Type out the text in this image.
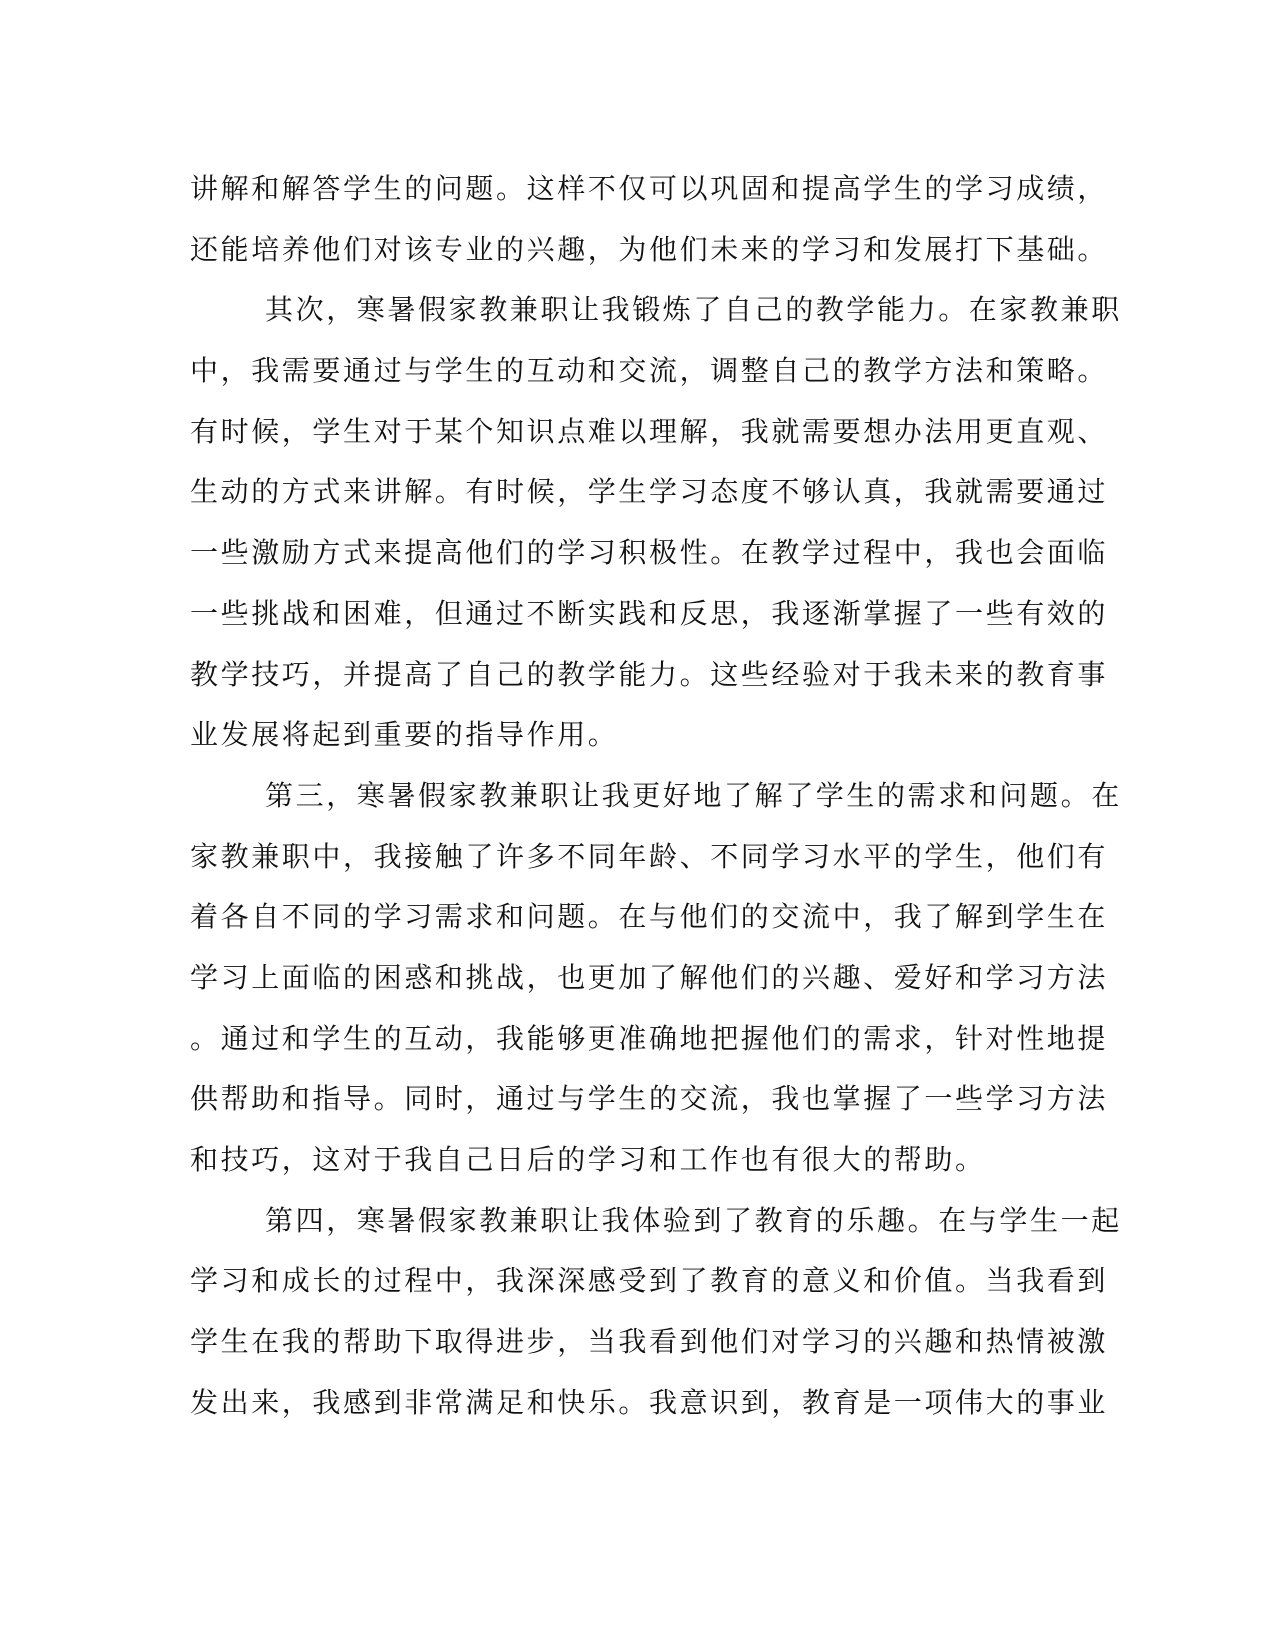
讲解和解答学生的问题。这样不仅可以巩固和提高学生的学习成绩，
还能培养他们对该专业的兴趣，为他们未来的学习和发展打下基础。
其次，寒暑假家教兼职让我锻炼了自己的教学能力。在家教兼职
中，我需要通过与学生的互动和交流，调整自己的教学方法和策略。
有时候，学生对于某个知识点难以理解，我就需要想办法用更直观、
生动的方式来讲解。有时候，学生学习态度不够认真，我就需要通过
一些激励方式来提高他们的学习积极性。在教学过程中，我也会面临
一些挑战和困难，但通过不断实践和反思，我逐渐掌握了一些有效的
教学技巧，并提高了自己的教学能力。这些经验对于我未来的教育事
业发展将起到重要的指导作用。
第三，寒暑假家教兼职让我更好地了解了学生的需求和问题。在
家教兼职中，我接触了许多不同年龄、不同学习水平的学生，他们有
着各自不同的学习需求和问题。在与他们的交流中，我了解到学生在
学习上面临的困惑和挑战，也更加了解他们的兴趣、爱好和学习方法
。通过和学生的互动，我能够更准确地把握他们的需求，针对性地提
供帮助和指导。同时，通过与学生的交流，我也掌握了一些学习方法
和技巧，这对于我自己日后的学习和工作也有很大的帮助。
第四，寒暑假家教兼职让我体验到了教育的乐趣。在与学生一起
学习和成长的过程中，我深深感受到了教育的意义和价值。当我看到
学生在我的帮助下取得进步，当我看到他们对学习的兴趣和热情被激
发出来，我感到非常满足和快乐。我意识到，教育是一项伟大的事业
